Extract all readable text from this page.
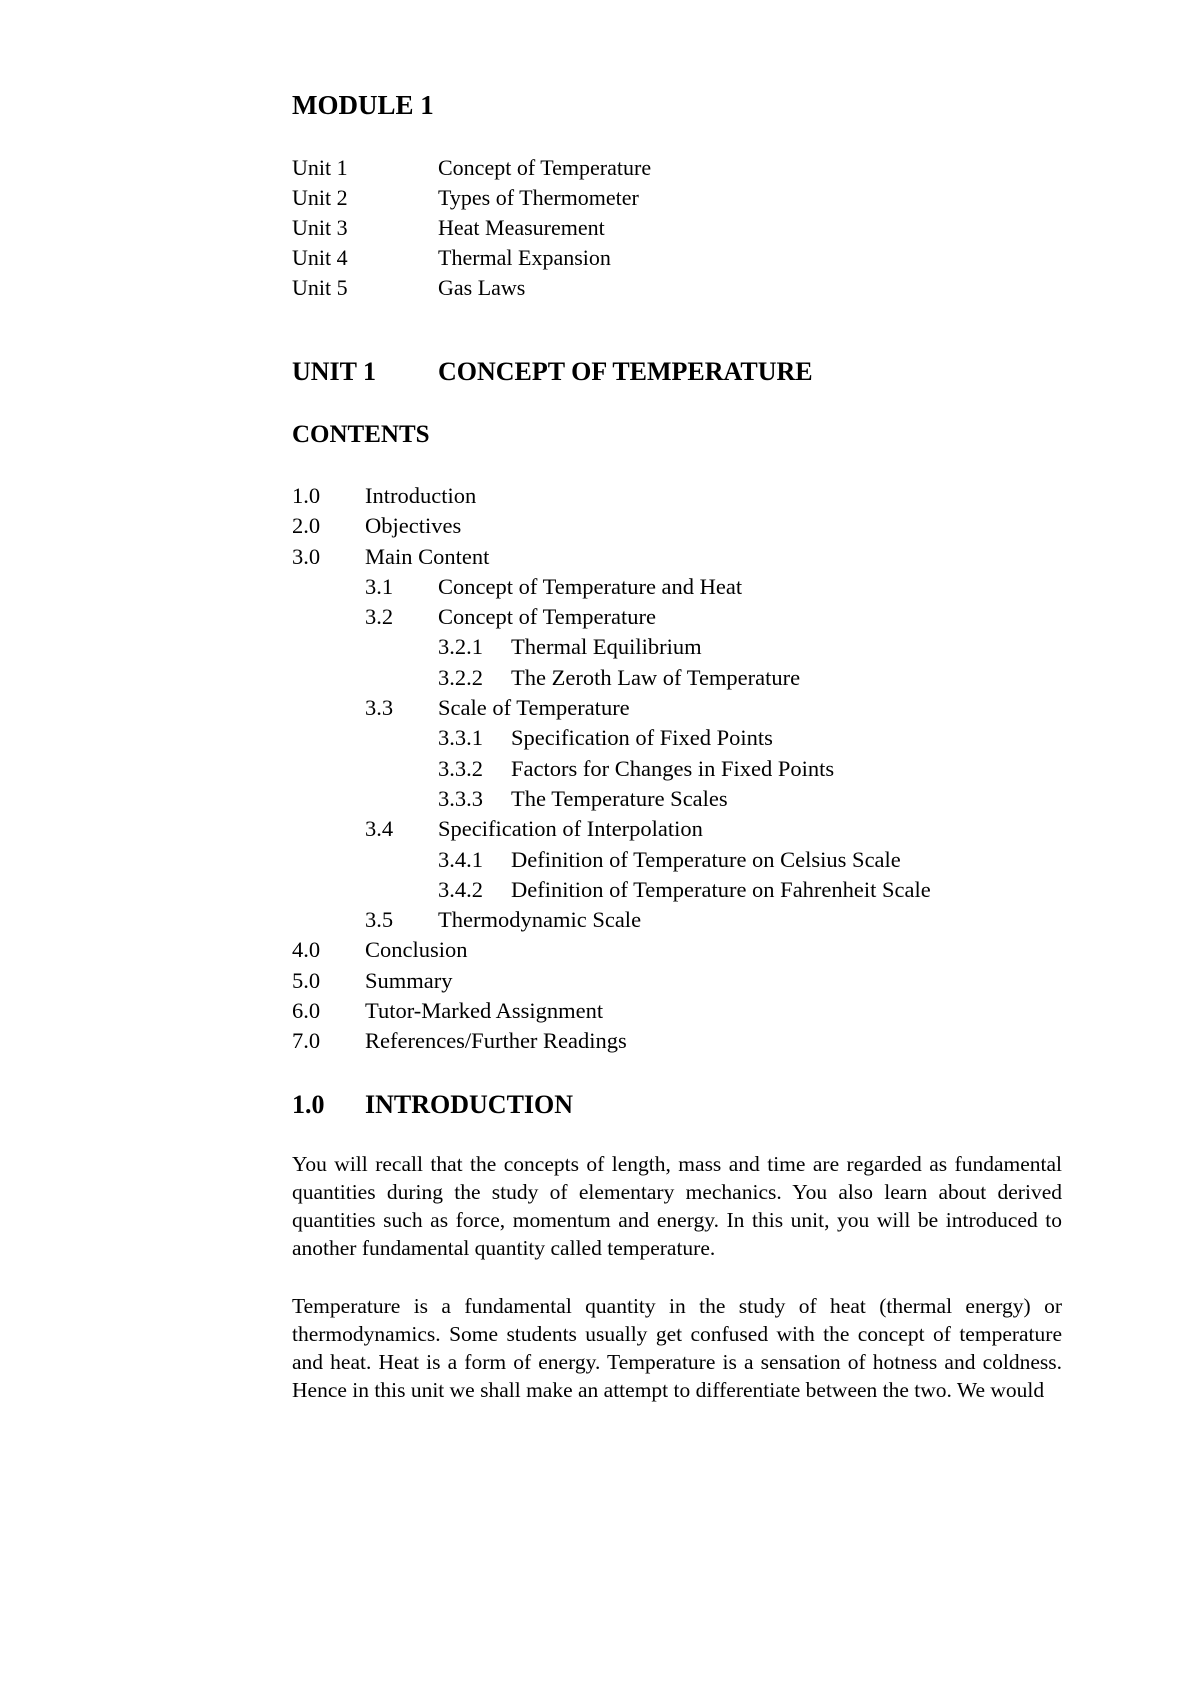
MODULE 1
Unit 1	Concept of Temperature
Unit 2	Types of Thermometer
Unit 3	Heat Measurement
Unit 4	Thermal Expansion
Unit 5	Gas Laws
UNIT 1	CONCEPT OF TEMPERATURE
CONTENTS
1.0	Introduction
2.0	Objectives
3.0	Main Content
3.1	Concept of Temperature and Heat
3.2	Concept of Temperature
3.2.1	Thermal Equilibrium
3.2.2	The Zeroth Law of Temperature
3.3	Scale of Temperature
3.3.1	Specification of Fixed Points
3.3.2	Factors for Changes in Fixed Points
3.3.3	The Temperature Scales
3.4	Specification of Interpolation
3.4.1	Definition of Temperature on Celsius Scale
3.4.2	Definition of Temperature on Fahrenheit Scale
3.5	Thermodynamic Scale
4.0	Conclusion
5.0	Summary
6.0	Tutor-Marked Assignment
7.0	References/Further Readings
1.0	INTRODUCTION

You will recall that the concepts of length, mass and time are regarded as fundamental quantities during the study of elementary mechanics. You also learn about derived quantities such as force, momentum and energy. In this unit, you will be introduced to another fundamental quantity called temperature.

Temperature is a fundamental quantity in the study of heat (thermal energy) or thermodynamics. Some students usually get confused with the concept of temperature and heat. Heat is a form of energy. Temperature is a sensation of hotness and coldness. Hence in this unit we shall make an attempt to differentiate between the two. We would
